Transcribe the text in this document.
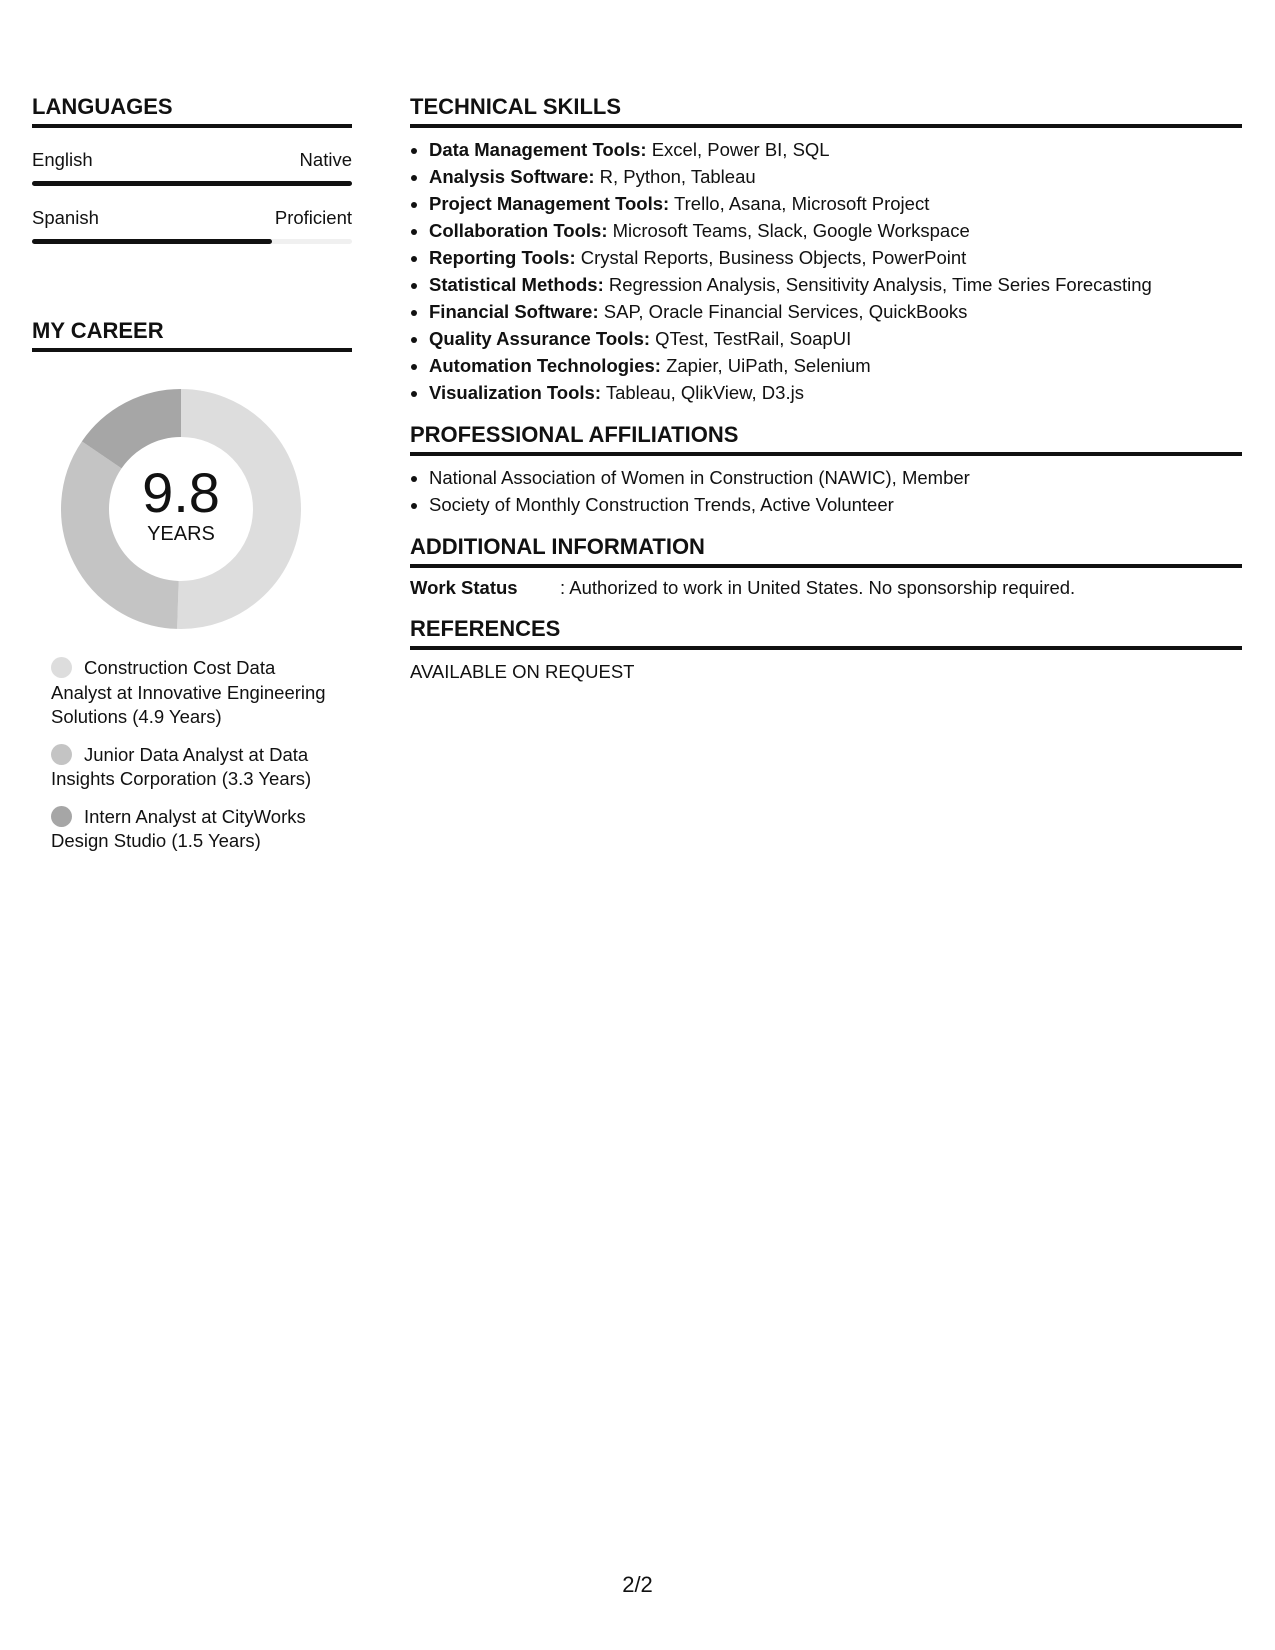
LANGUAGES
English	Native
Spanish	Proficient
MY CAREER
9.8
YEARS
Construction Cost Data Analyst at Innovative Engineering Solutions (4.9 Years)
Junior Data Analyst at Data Insights Corporation (3.3 Years)
Intern Analyst at CityWorks Design Studio (1.5 Years)
TECHNICAL SKILLS
• Data Management Tools: Excel, Power BI, SQL
• Analysis Software: R, Python, Tableau
• Project Management Tools: Trello, Asana, Microsoft Project
• Collaboration Tools: Microsoft Teams, Slack, Google Workspace
• Reporting Tools: Crystal Reports, Business Objects, PowerPoint
• Statistical Methods: Regression Analysis, Sensitivity Analysis, Time Series Forecasting
• Financial Software: SAP, Oracle Financial Services, QuickBooks
• Quality Assurance Tools: QTest, TestRail, SoapUI
• Automation Technologies: Zapier, UiPath, Selenium
• Visualization Tools: Tableau, QlikView, D3.js
PROFESSIONAL AFFILIATIONS
• National Association of Women in Construction (NAWIC), Member
• Society of Monthly Construction Trends, Active Volunteer
ADDITIONAL INFORMATION
Work Status	: Authorized to work in United States. No sponsorship required.
REFERENCES
AVAILABLE ON REQUEST
2/2
